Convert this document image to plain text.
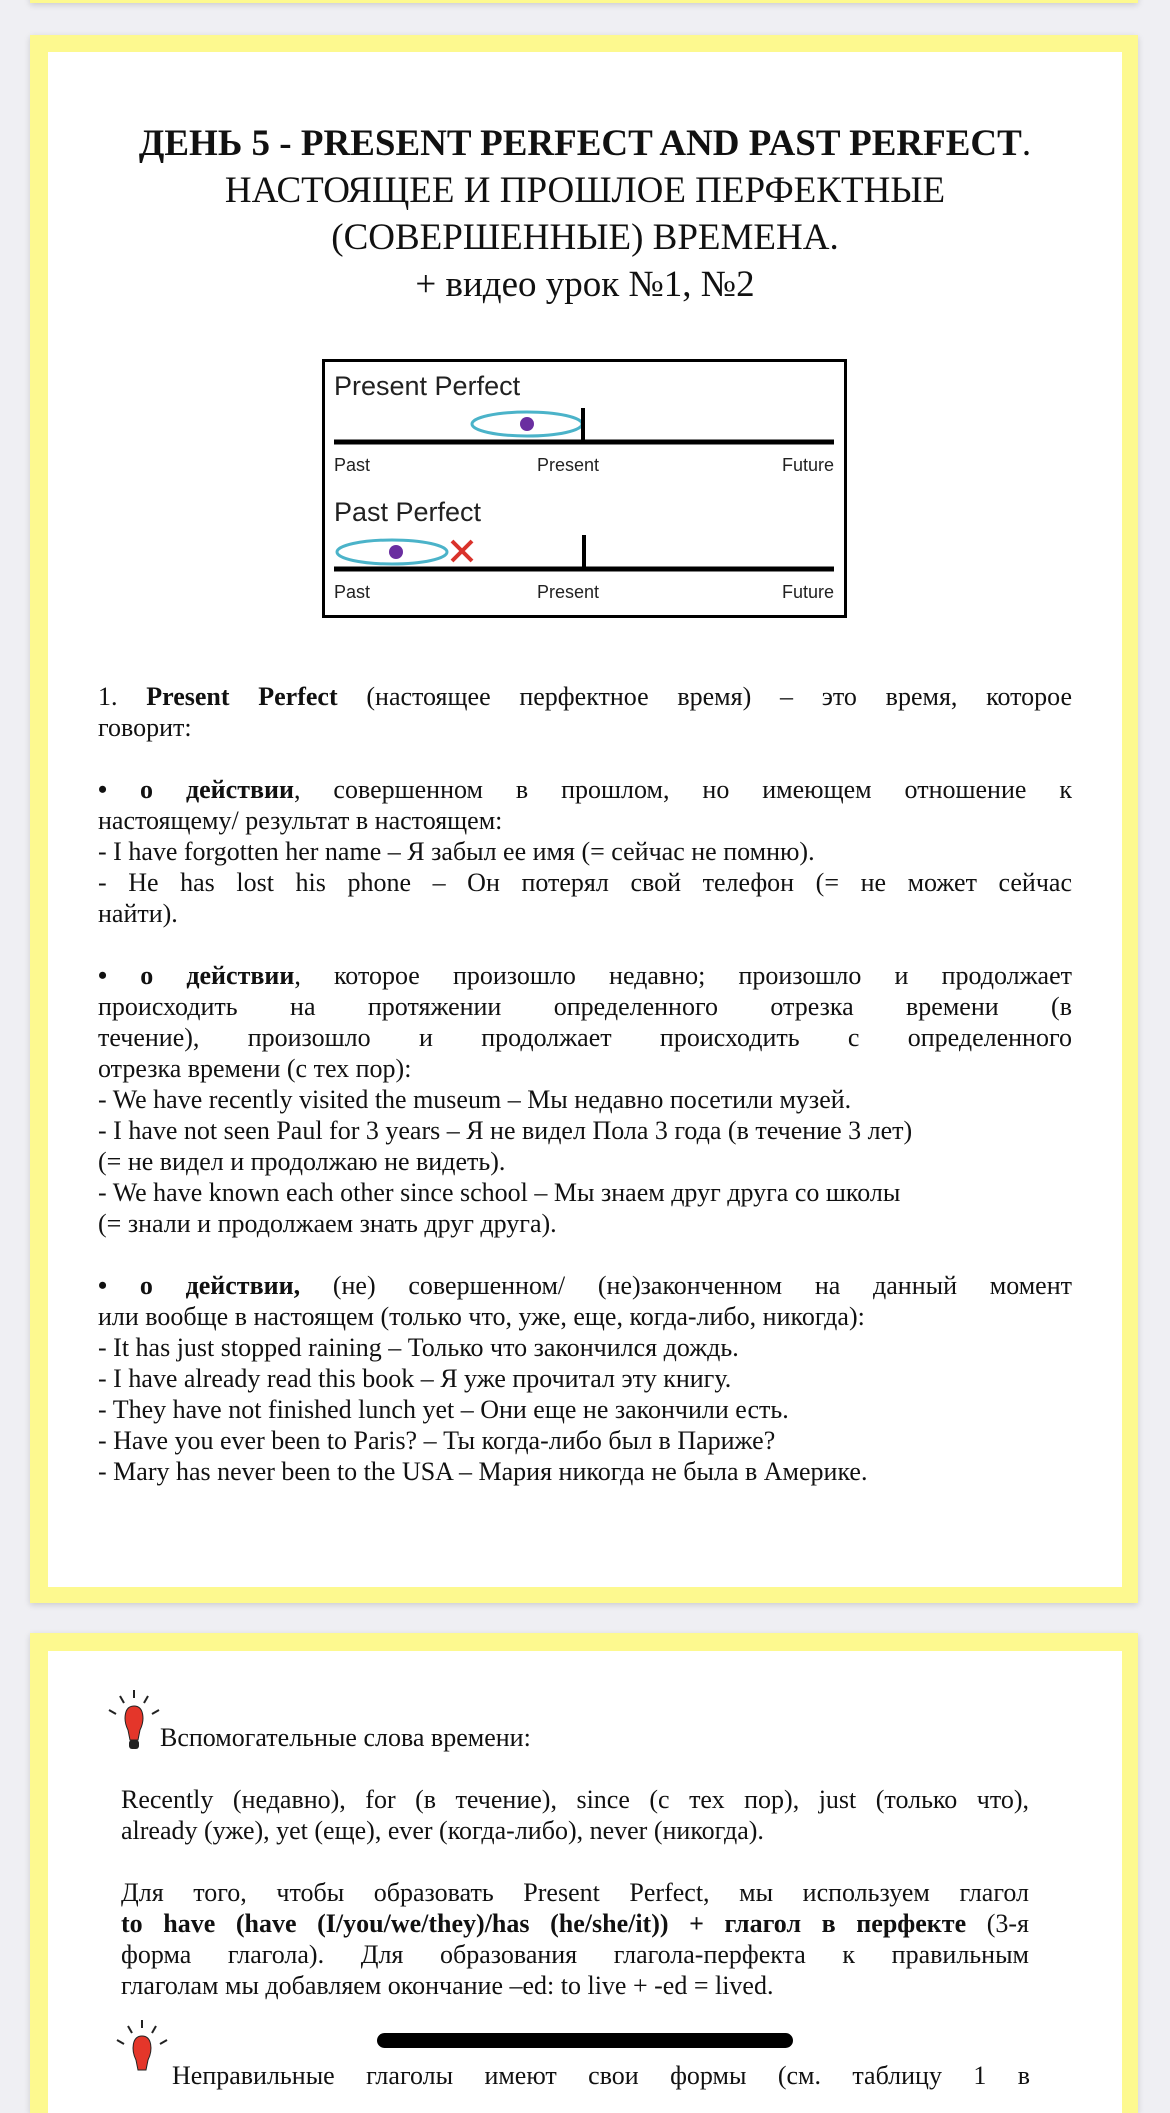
ДЕНЬ 5 - PRESENT PERFECT AND PAST PERFECT.
НАСТОЯЩЕЕ И ПРОШЛОЕ ПЕРФЕКТНЫЕ
(СОВЕРШЕННЫЕ) ВРЕМЕНА.
+ видео урок №1, №2
Present Perfect
Past	Present	Future
Past Perfect
Past	Present	Future
1. Present Perfect (настоящее перфектное время) – это время, которое
говорит:
• о действии, совершенном в прошлом, но имеющем отношение к
настоящему/ результат в настоящем:
- I have forgotten her name – Я забыл ее имя (= сейчас не помню).
- He has lost his phone – Он потерял свой телефон (= не может сейчас
найти).
• о действии, которое произошло недавно; произошло и продолжает
происходить на протяжении определенного отрезка времени (в
течение), произошло и продолжает происходить с определенного
отрезка времени (с тех пор):
- We have recently visited the museum – Мы недавно посетили музей.
- I have not seen Paul for 3 years – Я не видел Пола 3 года (в течение 3 лет)
(= не видел и продолжаю не видеть).
- We have known each other since school – Мы знаем друг друга со школы
(= знали и продолжаем знать друг друга).
• о действии, (не) совершенном/ (не)законченном на данный момент
или вообще в настоящем (только что, уже, еще, когда-либо, никогда):
- It has just stopped raining – Только что закончился дождь.
- I have already read this book – Я уже прочитал эту книгу.
- They have not finished lunch yet – Они еще не закончили есть.
- Have you ever been to Paris? – Ты когда-либо был в Париже?
- Mary has never been to the USA – Мария никогда не была в Америке.
Вспомогательные слова времени:
Recently (недавно), for (в течение), since (с тех пор), just (только что),
already (уже), yet (еще), ever (когда-либо), never (никогда).
Для того, чтобы образовать Present Perfect, мы используем глагол
to have (have (I/you/we/they)/has (he/she/it)) + глагол в перфекте (3-я
форма глагола). Для образования глагола-перфекта к правильным
глаголам мы добавляем окончание –ed: to live + -ed = lived.
Неправильные глаголы имеют свои формы (см. таблицу 1 в
